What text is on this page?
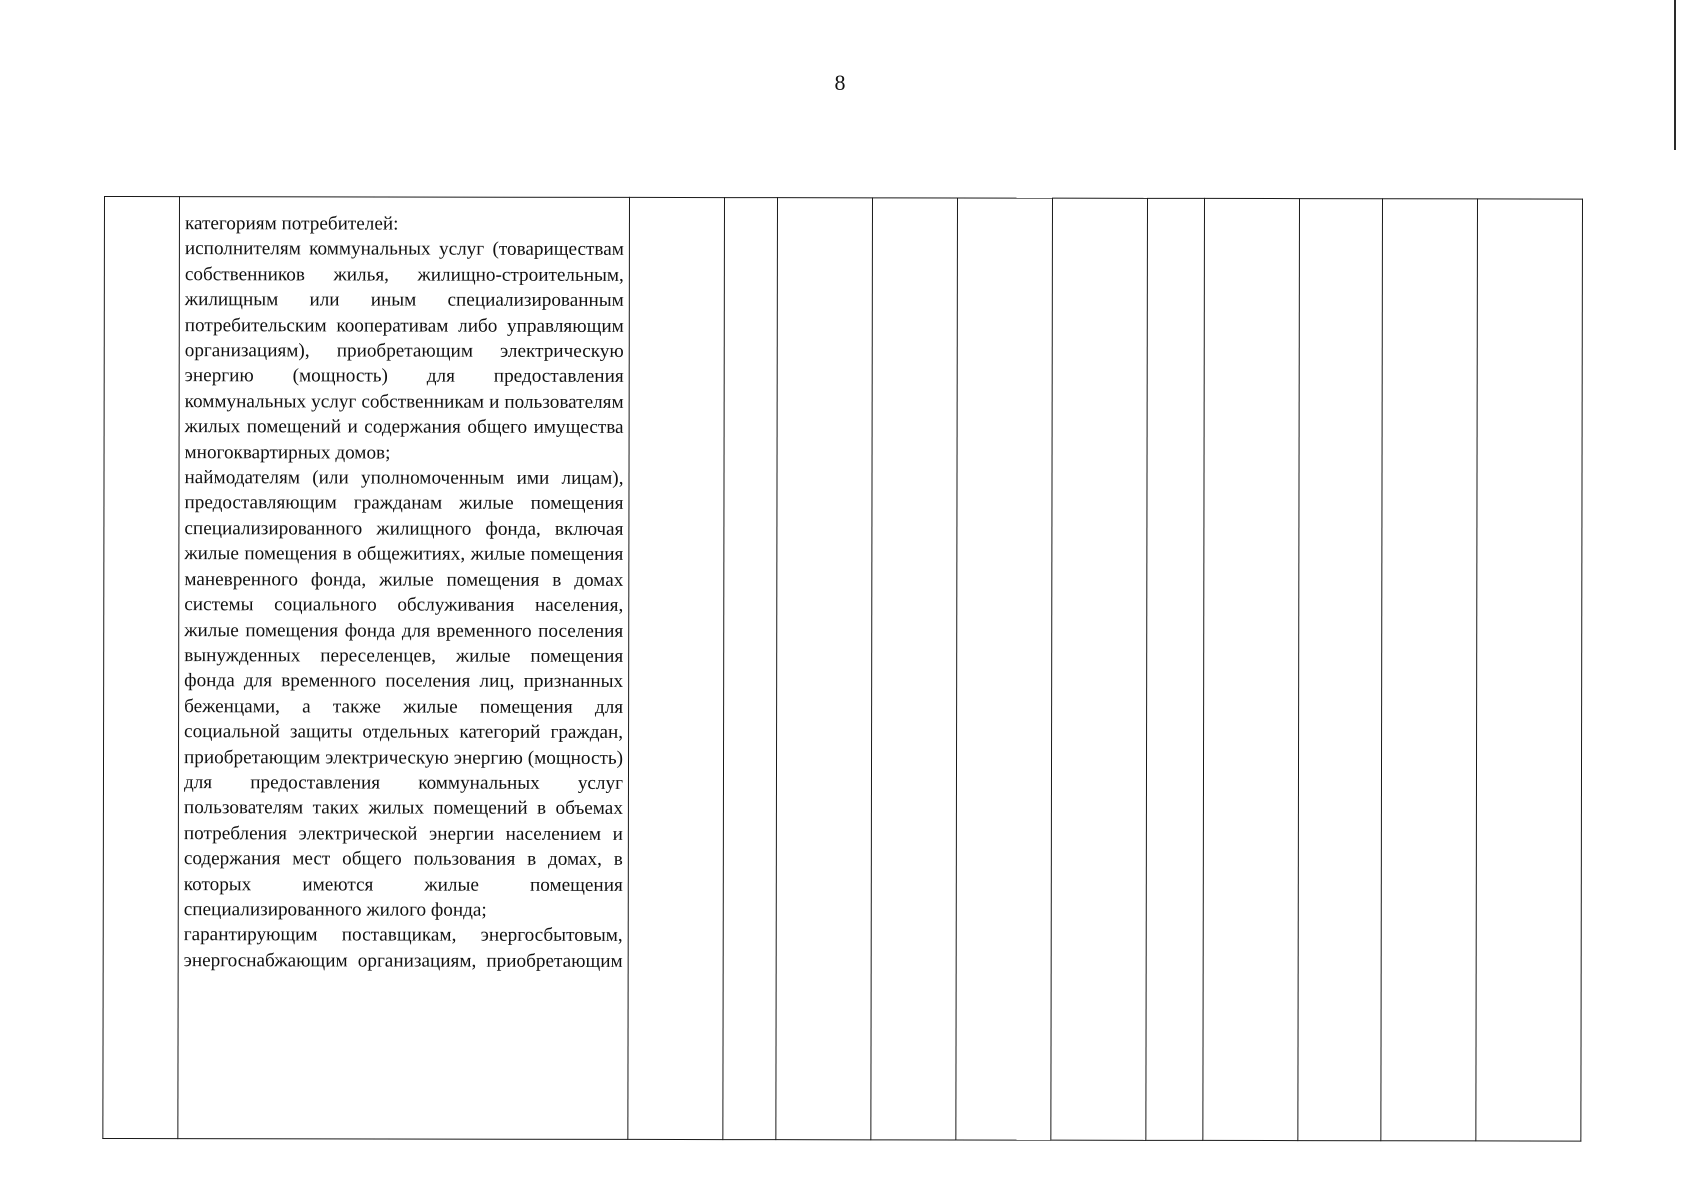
8

категориям потребителей:

исполнителям коммунальных услуг (товариществам собственников жилья, жилищно-строительным, жилищным или иным специализированным потребительским кооперативам либо управляющим организациям), приобретающим электрическую энергию (мощность) для предоставления коммунальных услуг собственникам и пользователям жилых помещений и содержания общего имущества многоквартирных домов;

наймодателям (или уполномоченным ими лицам), предоставляющим гражданам жилые помещения специализированного жилищного фонда, включая жилые помещения в общежитиях, жилые помещения маневренного фонда, жилые помещения в домах системы социального обслуживания населения, жилые помещения фонда для временного поселения вынужденных переселенцев, жилые помещения фонда для временного поселения лиц, признанных беженцами, а также жилые помещения для социальной защиты отдельных категорий граждан, приобретающим электрическую энергию (мощность) для предоставления коммунальных услуг пользователям таких жилых помещений в объемах потребления электрической энергии населением и содержания мест общего пользования в домах, в которых имеются жилые помещения специализированного жилого фонда;

гарантирующим поставщикам, энергосбытовым, энергоснабжающим организациям, приобретающим
